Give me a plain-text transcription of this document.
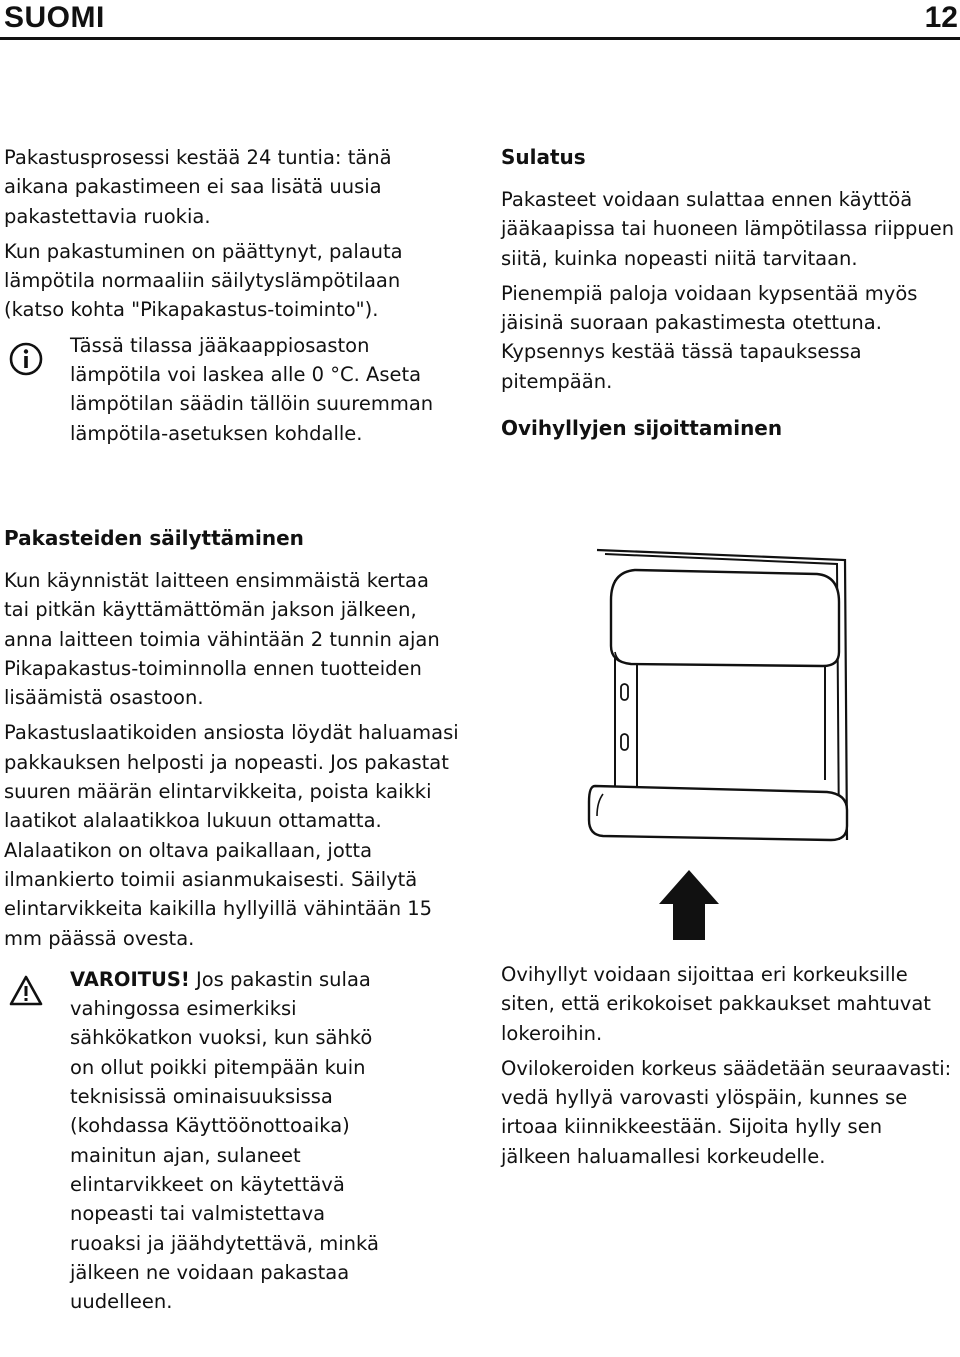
SUOMI	12

Pakastusprosessi kestää 24 tuntia: tänä aikana pakastimeen ei saa lisätä uusia pakastettavia ruokia.

Kun pakastuminen on päättynyt, palauta lämpötila normaaliin säilytyslämpötilaan (katso kohta "Pikapakastus-toiminto").

Tässä tilassa jääkaappiosaston lämpötila voi laskea alle 0 °C. Aseta lämpötilan säädin tällöin suuremman lämpötila-asetuksen kohdalle.

Pakasteiden säilyttäminen

Kun käynnistät laitteen ensimmäistä kertaa tai pitkän käyttämättömän jakson jälkeen, anna laitteen toimia vähintään 2 tunnin ajan Pikapakastus-toiminnolla ennen tuotteiden lisäämistä osastoon.

Pakastuslaatikoiden ansiosta löydät haluamasi pakkauksen helposti ja nopeasti. Jos pakastat suuren määrän elintarvikkeita, poista kaikki laatikot alalaatikkoa lukuun ottamatta. Alalaatikon on oltava paikallaan, jotta ilmankierto toimii asianmukaisesti. Säilytä elintarvikkeita kaikilla hyllyillä vähintään 15 mm päässä ovesta.

VAROITUS! Jos pakastin sulaa vahingossa esimerkiksi sähkökatkon vuoksi, kun sähkö on ollut poikki pitempään kuin teknisissä ominaisuuksissa (kohdassa Käyttöönottoaika) mainitun ajan, sulaneet elintarvikkeet on käytettävä nopeasti tai valmistettava ruoaksi ja jäähdytettävä, minkä jälkeen ne voidaan pakastaa uudelleen.

Sulatus

Pakasteet voidaan sulattaa ennen käyttöä jääkaapissa tai huoneen lämpötilassa riippuen siitä, kuinka nopeasti niitä tarvitaan.

Pienempiä paloja voidaan kypsentää myös jäisinä suoraan pakastimesta otettuna. Kypsennys kestää tässä tapauksessa pitempään.

Ovihyllyjen sijoittaminen

Ovihyllyt voidaan sijoittaa eri korkeuksille siten, että erikokoiset pakkaukset mahtuvat lokeroihin.

Ovilokeroiden korkeus säädetään seuraavasti: vedä hyllyä varovasti ylöspäin, kunnes se irtoaa kiinnikkeestään. Sijoita hylly sen jälkeen haluamallesi korkeudelle.
